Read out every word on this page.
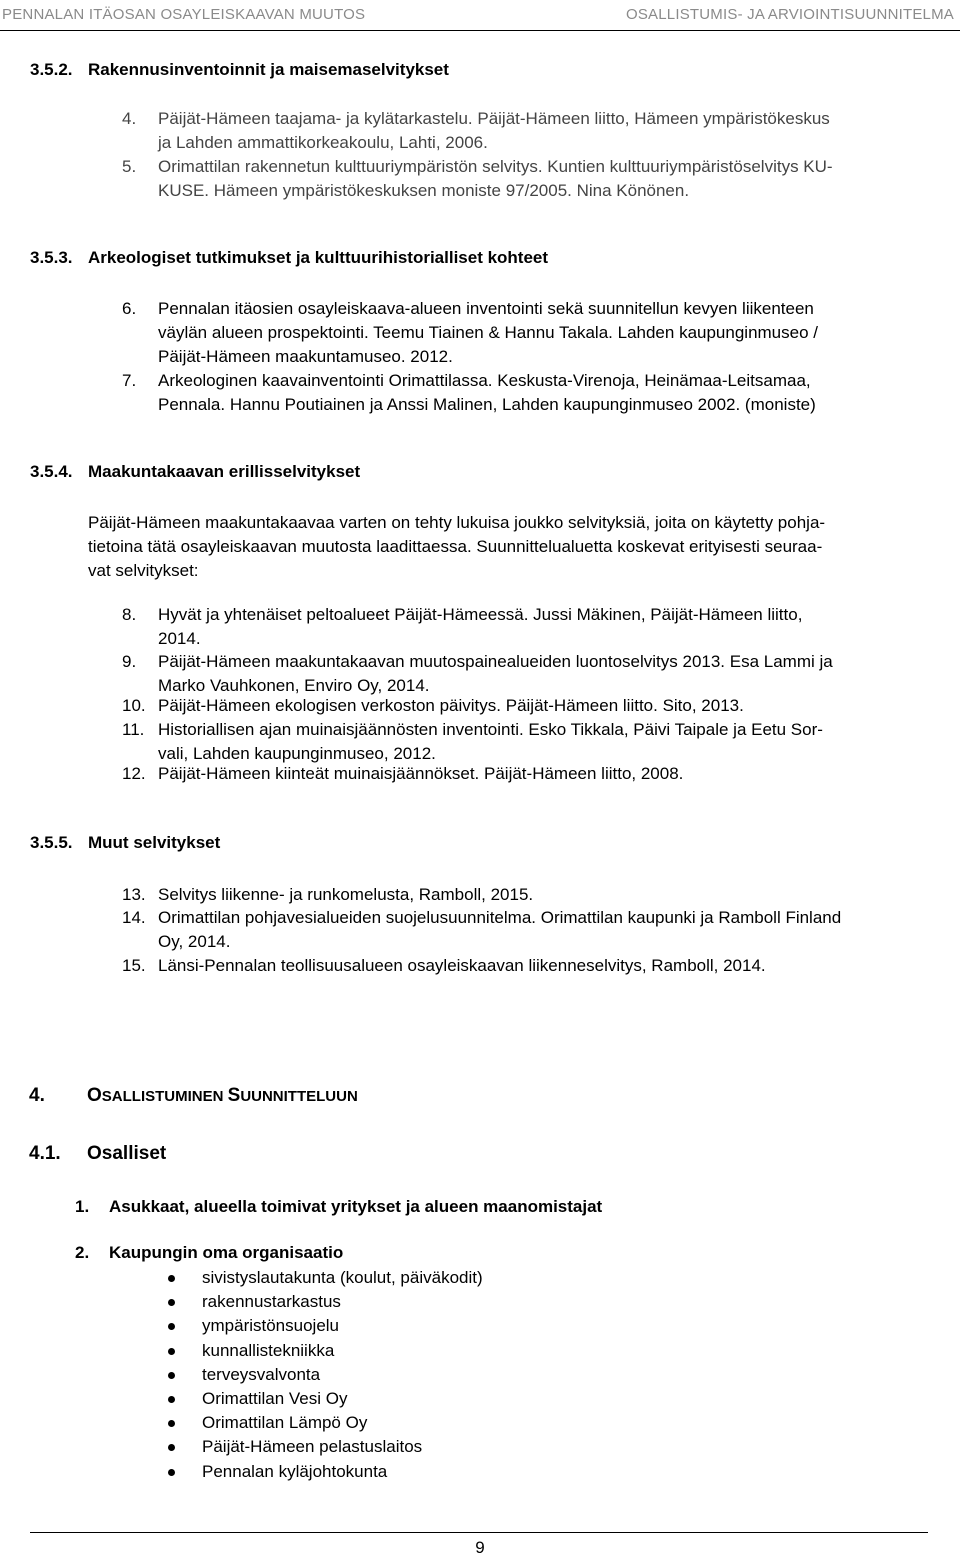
PENNALAN ITÄOSAN OSAYLEISKAAVAN MUUTOS	OSALLISTUMIS- JA ARVIOINTISUUNNITELMA
3.5.2. Rakennusinventoinnit ja maisemaselvitykset
4. Päijät-Hämeen taajama- ja kylätarkastelu. Päijät-Hämeen liitto, Hämeen ympäristökeskus
ja Lahden ammattikorkeakoulu, Lahti, 2006.
5. Orimattilan rakennetun kulttuuriympäristön selvitys. Kuntien kulttuuriympäristöselvitys KU-
KUSE. Hämeen ympäristökeskuksen moniste 97/2005. Nina Könönen.
3.5.3. Arkeologiset tutkimukset ja kulttuurihistorialliset kohteet
6. Pennalan itäosien osayleiskaava-alueen inventointi sekä suunnitellun kevyen liikenteen
väylän alueen prospektointi. Teemu Tiainen & Hannu Takala. Lahden kaupunginmuseo /
Päijät-Hämeen maakuntamuseo. 2012.
7. Arkeologinen kaavainventointi Orimattilassa. Keskusta-Virenoja, Heinämaa-Leitsamaa,
Pennala. Hannu Poutiainen ja Anssi Malinen, Lahden kaupunginmuseo 2002. (moniste)
3.5.4. Maakuntakaavan erillisselvitykset
Päijät-Hämeen maakuntakaavaa varten on tehty lukuisa joukko selvityksiä, joita on käytetty pohja-
tietoina tätä osayleiskaavan muutosta laadittaessa. Suunnittelualuetta koskevat erityisesti seuraa-
vat selvitykset:
8. Hyvät ja yhtenäiset peltoalueet Päijät-Hämeessä. Jussi Mäkinen, Päijät-Hämeen liitto,
2014.
9. Päijät-Hämeen maakuntakaavan muutospainealueiden luontoselvitys 2013. Esa Lammi ja
Marko Vauhkonen, Enviro Oy, 2014.
10. Päijät-Hämeen ekologisen verkoston päivitys. Päijät-Hämeen liitto. Sito, 2013.
11. Historiallisen ajan muinaisjäännösten inventointi. Esko Tikkala, Päivi Taipale ja Eetu Sor-
vali, Lahden kaupunginmuseo, 2012.
12. Päijät-Hämeen kiinteät muinaisjäännökset. Päijät-Hämeen liitto, 2008.
3.5.5. Muut selvitykset
13. Selvitys liikenne- ja runkomelusta, Ramboll, 2015.
14. Orimattilan pohjavesialueiden suojelusuunnitelma. Orimattilan kaupunki ja Ramboll Finland
Oy, 2014.
15. Länsi-Pennalan teollisuusalueen osayleiskaavan liikenneselvitys, Ramboll, 2014.
4. OSALLISTUMINEN SUUNNITTELUUN
4.1. Osalliset
1. Asukkaat, alueella toimivat yritykset ja alueen maanomistajat
2. Kaupungin oma organisaatio
sivistyslautakunta (koulut, päiväkodit)
rakennustarkastus
ympäristönsuojelu
kunnallistekniikka
terveysvalvonta
Orimattilan Vesi Oy
Orimattilan Lämpö Oy
Päijät-Hämeen pelastuslaitos
Pennalan kyläjohtokunta
9
